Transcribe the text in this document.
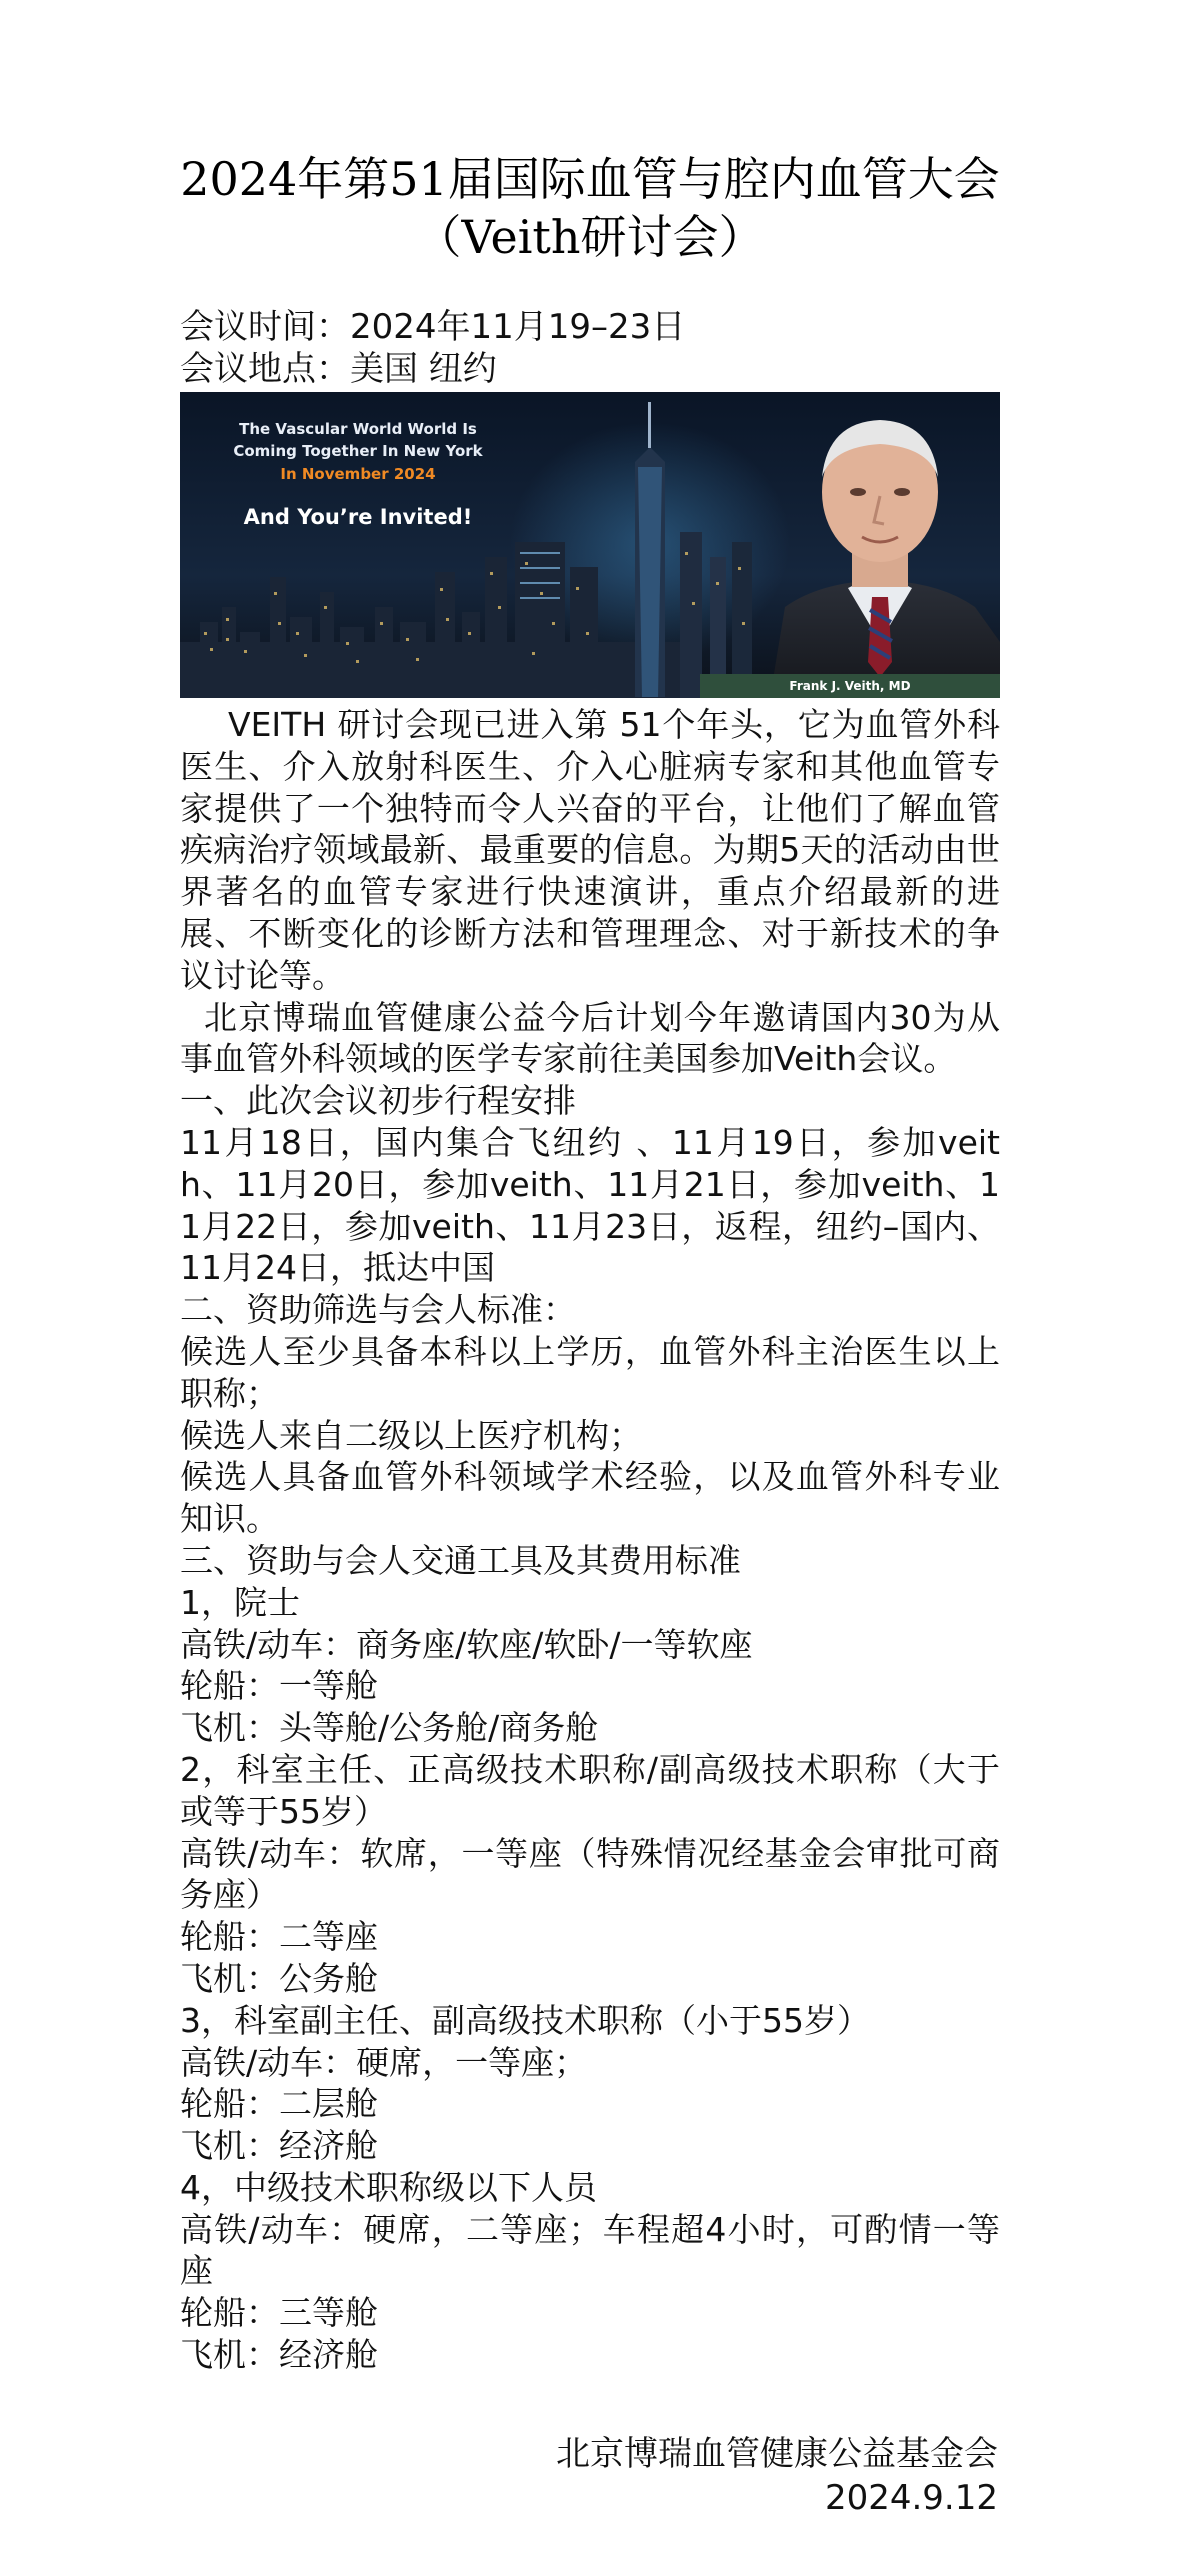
2024年第51届国际血管与腔内血管大会
（Veith研讨会）
会议时间：2024年11月19–23日
会议地点：美国 纽约
The Vascular World World Is
Coming Together In New York
In November 2024
And You’re Invited!
Frank J. Veith, MD

VEITH 研讨会现已进入第 51个年头，它为血管外科医生、介入放射科医生、介入心脏病专家和其他血管专家提供了一个独特而令人兴奋的平台，让他们了解血管疾病治疗领域最新、最重要的信息。为期5天的活动由世界著名的血管专家进行快速演讲，重点介绍最新的进展、不断变化的诊断方法和管理理念、对于新技术的争议讨论等。

北京博瑞血管健康公益今后计划今年邀请国内30为从事血管外科领域的医学专家前往美国参加Veith会议。

一、此次会议初步行程安排

11月18日，国内集合飞纽约 、11月19日，参加veith、11月20日，参加veith、11月21日，参加veith、11月22日，参加veith、11月23日，返程，纽约–国内、11月24日，抵达中国

二、资助筛选与会人标准：

候选人至少具备本科以上学历，血管外科主治医生以上职称；

候选人来自二级以上医疗机构；

候选人具备血管外科领域学术经验，以及血管外科专业知识。

三、资助与会人交通工具及其费用标准

1，院士

高铁/动车：商务座/软座/软卧/一等软座

轮船：一等舱

飞机：头等舱/公务舱/商务舱

2，科室主任、正高级技术职称/副高级技术职称（大于或等于55岁）

高铁/动车：软席，一等座（特殊情况经基金会审批可商务座）

轮船：二等座

飞机：公务舱

3，科室副主任、副高级技术职称（小于55岁）

高铁/动车：硬席，一等座；

轮船：二层舱

飞机：经济舱

4，中级技术职称级以下人员

高铁/动车：硬席，二等座；车程超4小时，可酌情一等座

轮船：三等舱

飞机：经济舱

北京博瑞血管健康公益基金会
2024.9.12
